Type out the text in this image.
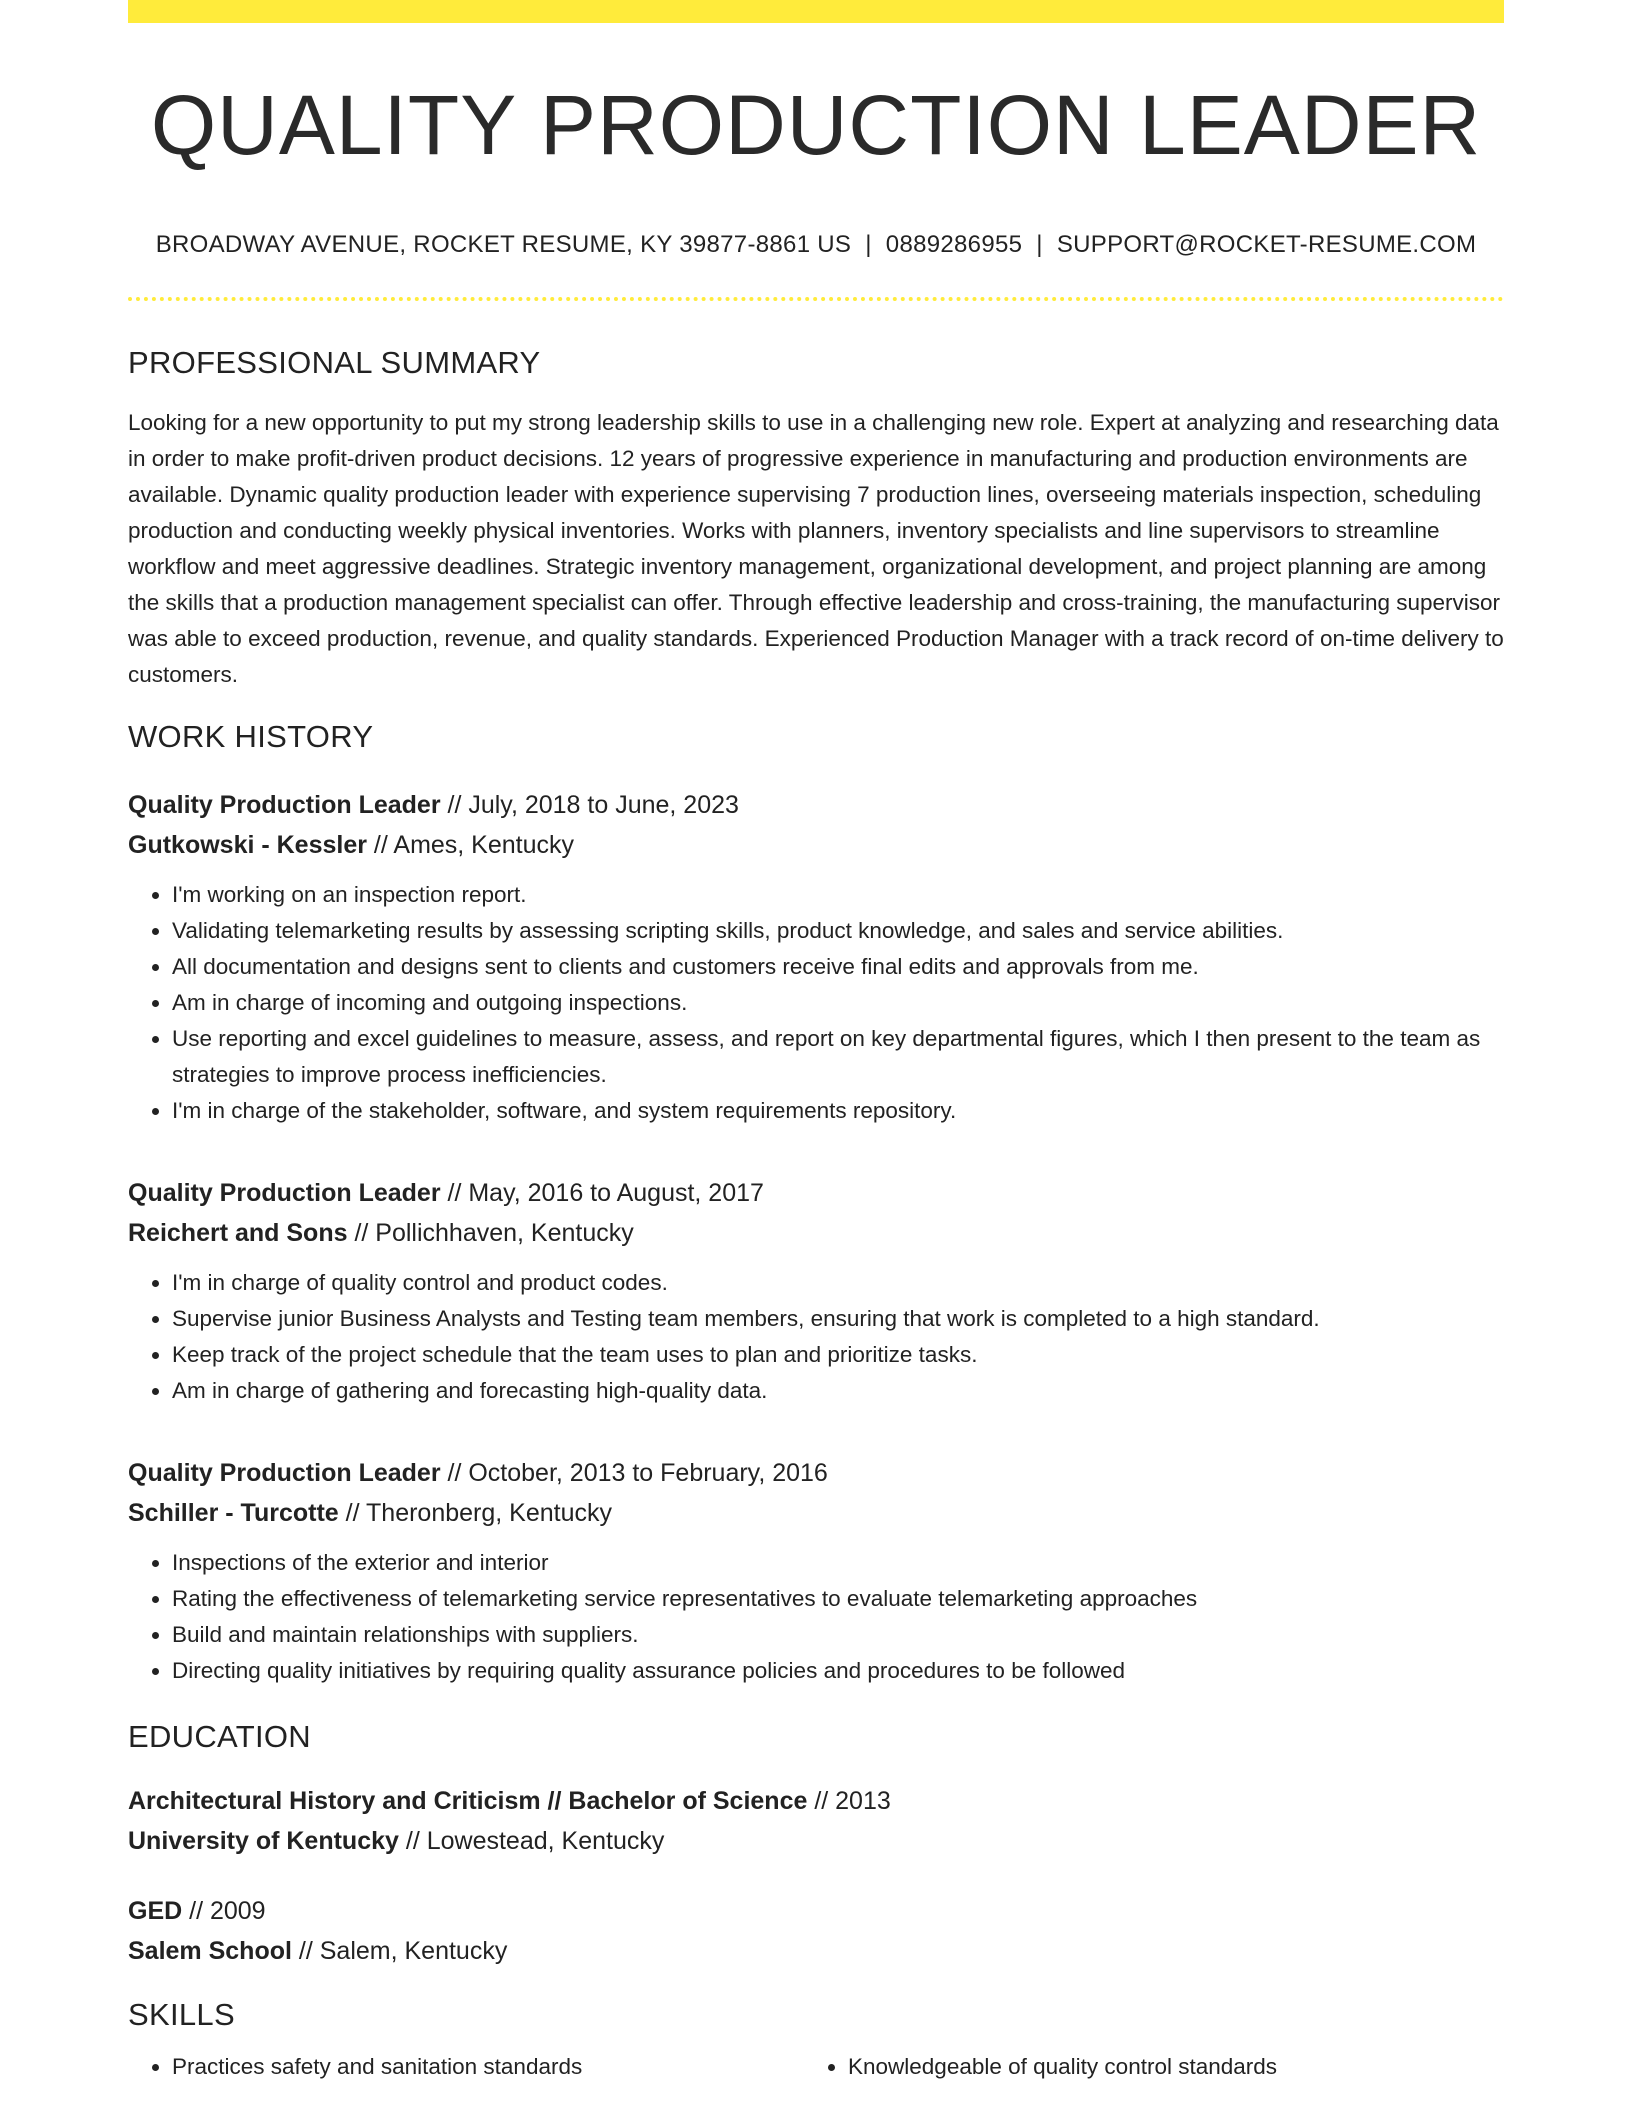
QUALITY PRODUCTION LEADER
BROADWAY AVENUE, ROCKET RESUME, KY 39877-8861 US | 0889286955 | SUPPORT@ROCKET-RESUME.COM
PROFESSIONAL SUMMARY
Looking for a new opportunity to put my strong leadership skills to use in a challenging new role. Expert at analyzing and researching data in order to make profit-driven product decisions. 12 years of progressive experience in manufacturing and production environments are available. Dynamic quality production leader with experience supervising 7 production lines, overseeing materials inspection, scheduling production and conducting weekly physical inventories. Works with planners, inventory specialists and line supervisors to streamline workflow and meet aggressive deadlines. Strategic inventory management, organizational development, and project planning are among the skills that a production management specialist can offer. Through effective leadership and cross-training, the manufacturing supervisor was able to exceed production, revenue, and quality standards. Experienced Production Manager with a track record of on-time delivery to customers.
WORK HISTORY
Quality Production Leader // July, 2018 to June, 2023
Gutkowski - Kessler // Ames, Kentucky
• I'm working on an inspection report.
• Validating telemarketing results by assessing scripting skills, product knowledge, and sales and service abilities.
• All documentation and designs sent to clients and customers receive final edits and approvals from me.
• Am in charge of incoming and outgoing inspections.
• Use reporting and excel guidelines to measure, assess, and report on key departmental figures, which I then present to the team as strategies to improve process inefficiencies.
• I'm in charge of the stakeholder, software, and system requirements repository.
Quality Production Leader // May, 2016 to August, 2017
Reichert and Sons // Pollichhaven, Kentucky
• I'm in charge of quality control and product codes.
• Supervise junior Business Analysts and Testing team members, ensuring that work is completed to a high standard.
• Keep track of the project schedule that the team uses to plan and prioritize tasks.
• Am in charge of gathering and forecasting high-quality data.
Quality Production Leader // October, 2013 to February, 2016
Schiller - Turcotte // Theronberg, Kentucky
• Inspections of the exterior and interior
• Rating the effectiveness of telemarketing service representatives to evaluate telemarketing approaches
• Build and maintain relationships with suppliers.
• Directing quality initiatives by requiring quality assurance policies and procedures to be followed
EDUCATION
Architectural History and Criticism // Bachelor of Science // 2013
University of Kentucky // Lowestead, Kentucky
GED // 2009
Salem School // Salem, Kentucky
SKILLS
• Practices safety and sanitation standards
•	Knowledgeable of quality control standards
